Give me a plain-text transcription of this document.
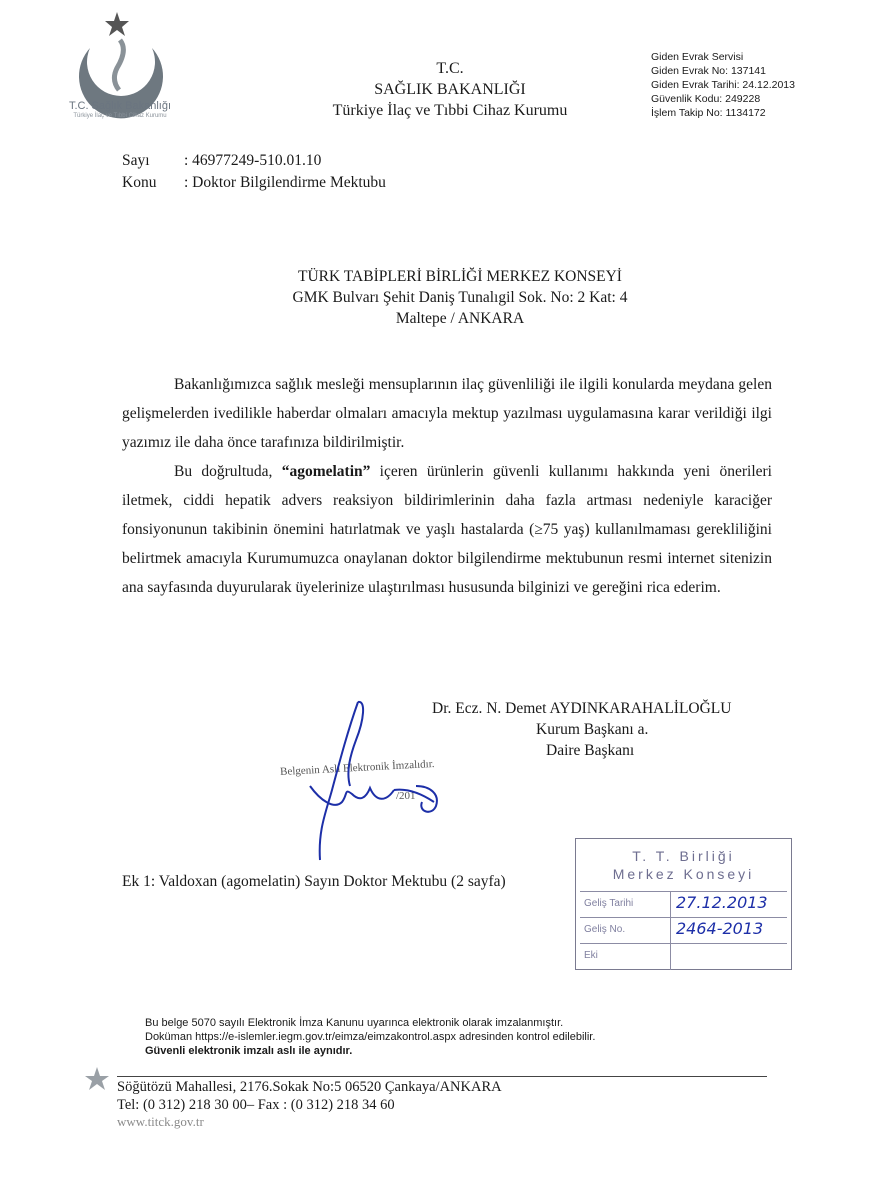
T.C. Sağlık Bakanlığı
Türkiye İlaç ve Tıbbi Cihaz Kurumu
T.C.
SAĞLIK BAKANLIĞI
Türkiye İlaç ve Tıbbi Cihaz Kurumu
Giden Evrak Servisi
Giden Evrak No: 137141
Giden Evrak Tarihi: 24.12.2013
Güvenlik Kodu: 249228
İşlem Takip No: 1134172
Sayı : 46977249-510.01.10
Konu : Doktor Bilgilendirme Mektubu
TÜRK TABİPLERİ BİRLİĞİ MERKEZ KONSEYİ
GMK Bulvarı Şehit Daniş Tunalıgil Sok. No: 2 Kat: 4
Maltepe / ANKARA

Bakanlığımızca sağlık mesleği mensuplarının ilaç güvenliliği ile ilgili konularda meydana gelen gelişmelerden ivedilikle haberdar olmaları amacıyla mektup yazılması uygulamasına karar verildiği ilgi yazımız ile daha önce tarafınıza bildirilmiştir.

Bu doğrultuda, “agomelatin” içeren ürünlerin güvenli kullanımı hakkında yeni önerileri iletmek, ciddi hepatik advers reaksiyon bildirimlerinin daha fazla artması nedeniyle karaciğer fonsiyonunun takibinin önemini hatırlatmak ve yaşlı hastalarda (≥75 yaş) kullanılmaması gerekliliğini belirtmek amacıyla Kurumumuzca onaylanan doktor bilgilendirme mektubunun resmi internet sitenizin ana sayfasında duyurularak üyelerinize ulaştırılması hususunda bilginizi ve gereğini rica ederim.

Dr. Ecz. N. Demet AYDINKARAHALİLOĞLU
Kurum Başkanı a.
Daire Başkanı
Belgenin Aslı Elektronik İmzalıdır.
/201
Ek 1: Valdoxan (agomelatin) Sayın Doktor Mektubu (2 sayfa)
T. T. Birliği
Merkez Konseyi
Geliş Tarihi	27.12.2013
Geliş No.	2464-2013
Eki
Bu belge 5070 sayılı Elektronik İmza Kanunu uyarınca elektronik olarak imzalanmıştır.
Doküman https://e-islemler.iegm.gov.tr/eimza/eimzakontrol.aspx adresinden kontrol edilebilir.
Güvenli elektronik imzalı aslı ile aynıdır.
Söğütözü Mahallesi, 2176.Sokak No:5 06520 Çankaya/ANKARA
Tel: (0 312) 218 30 00– Fax : (0 312) 218 34 60
www.titck.gov.tr
